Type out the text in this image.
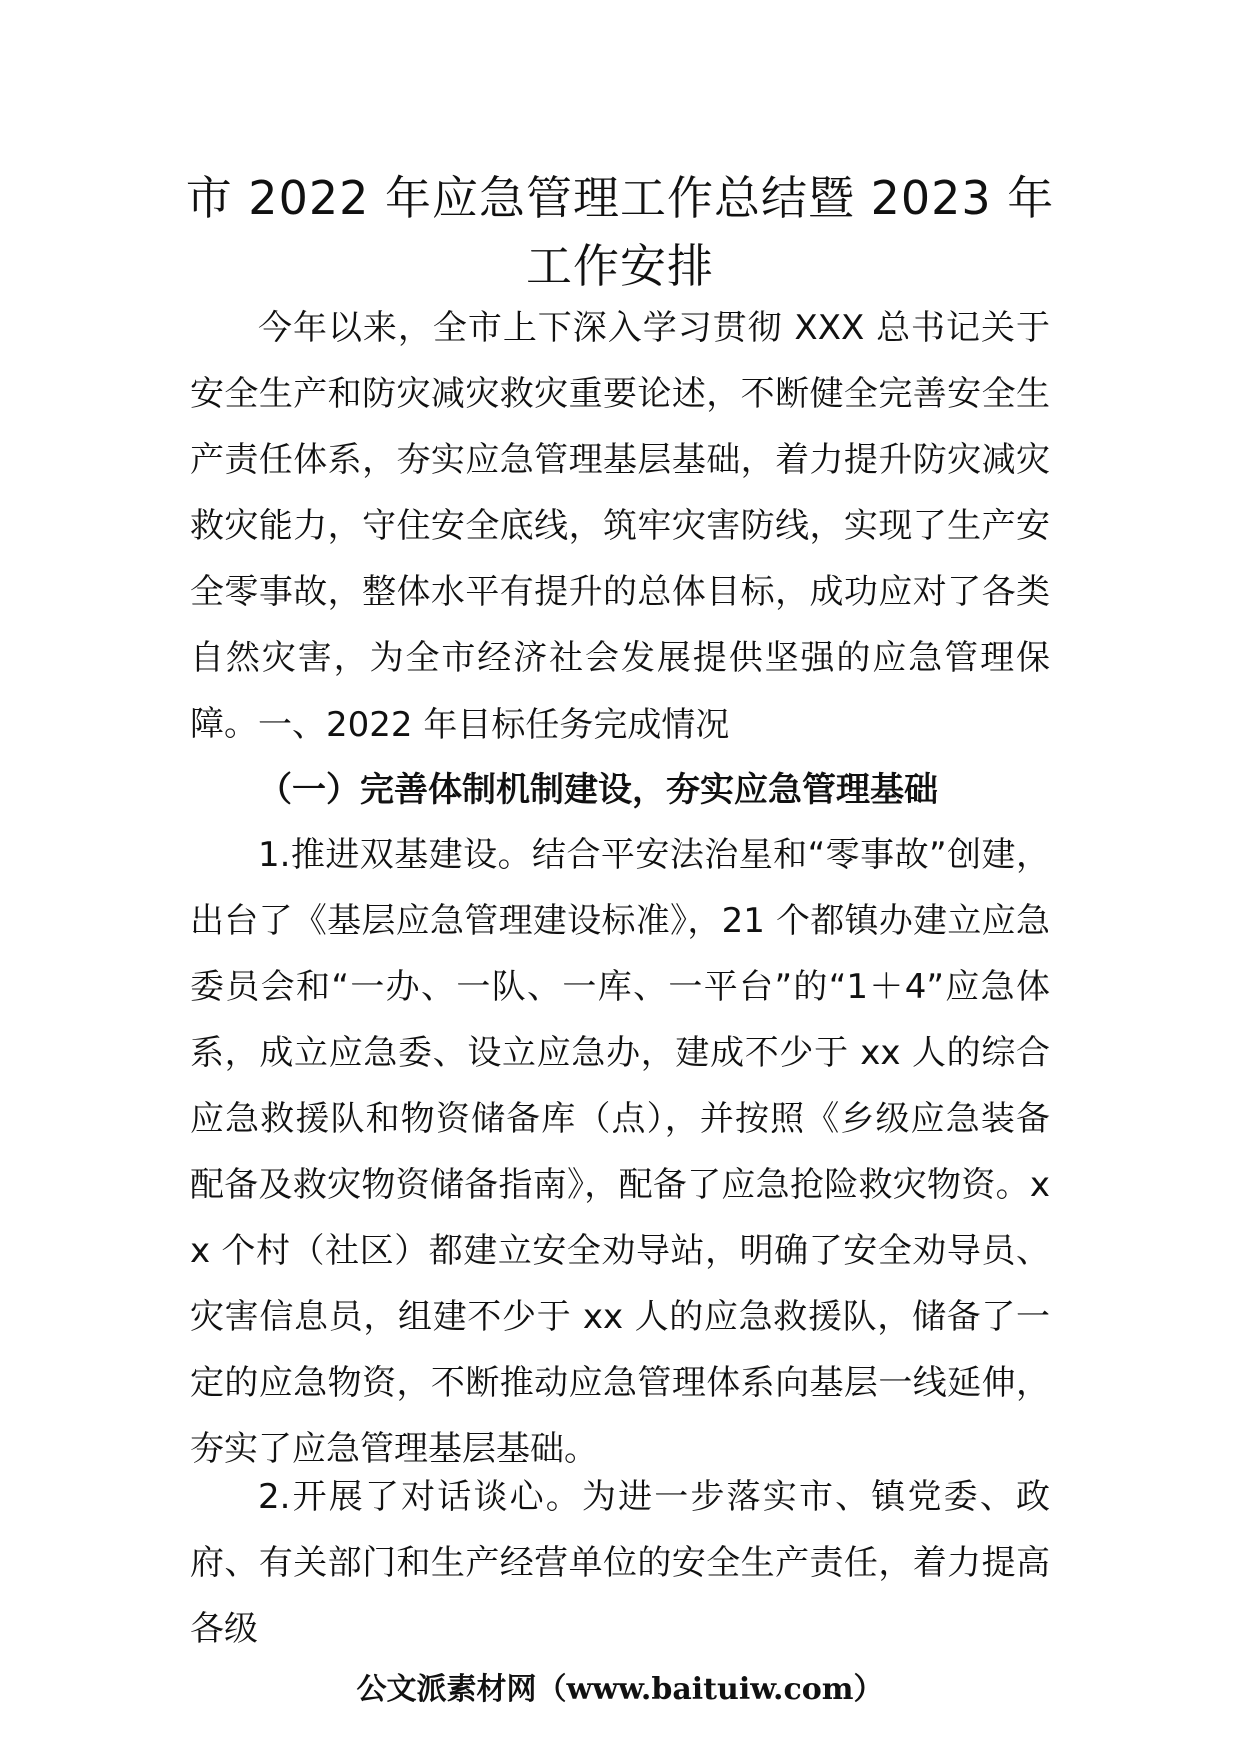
市 2022 年应急管理工作总结暨 2023 年
工作安排

今年以来，全市上下深入学习贯彻 XXX 总书记关于安全生产和防灾减灾救灾重要论述，不断健全完善安全生产责任体系，夯实应急管理基层基础，着力提升防灾减灾救灾能力，守住安全底线，筑牢灾害防线，实现了生产安全零事故，整体水平有提升的总体目标，成功应对了各类自然灾害，为全市经济社会发展提供坚强的应急管理保障。 一、2022 年目标任务完成情况

（一）完善体制机制建设，夯实应急管理基础

1.推进双基建设。结合平安法治星和“零事故”创建，出台了《基层应急管理建设标准》，21 个都镇办建立应急委员会和“一办、一队、一库、一平台”的“1＋4”应急体系，成立应急委、设立应急办，建成不少于 xx 人的综合应急救援队和物资储备库（点），并按照《乡级应急装备配备及救灾物资储备指南》，配备了应急抢险救灾物资。xx 个村（社区）都建立安全劝导站，明确了安全劝导员、灾害信息员，组建不少于 xx 人的应急救援队，储备了一定的应急物资，不断推动应急管理体系向基层一线延伸，夯实了应急管理基层基础。

2.开展了对话谈心。为进一步落实市、镇党委、政府、有关部门和生产经营单位的安全生产责任，着力提高各级

公文派素材网（www.baituiw.com）
